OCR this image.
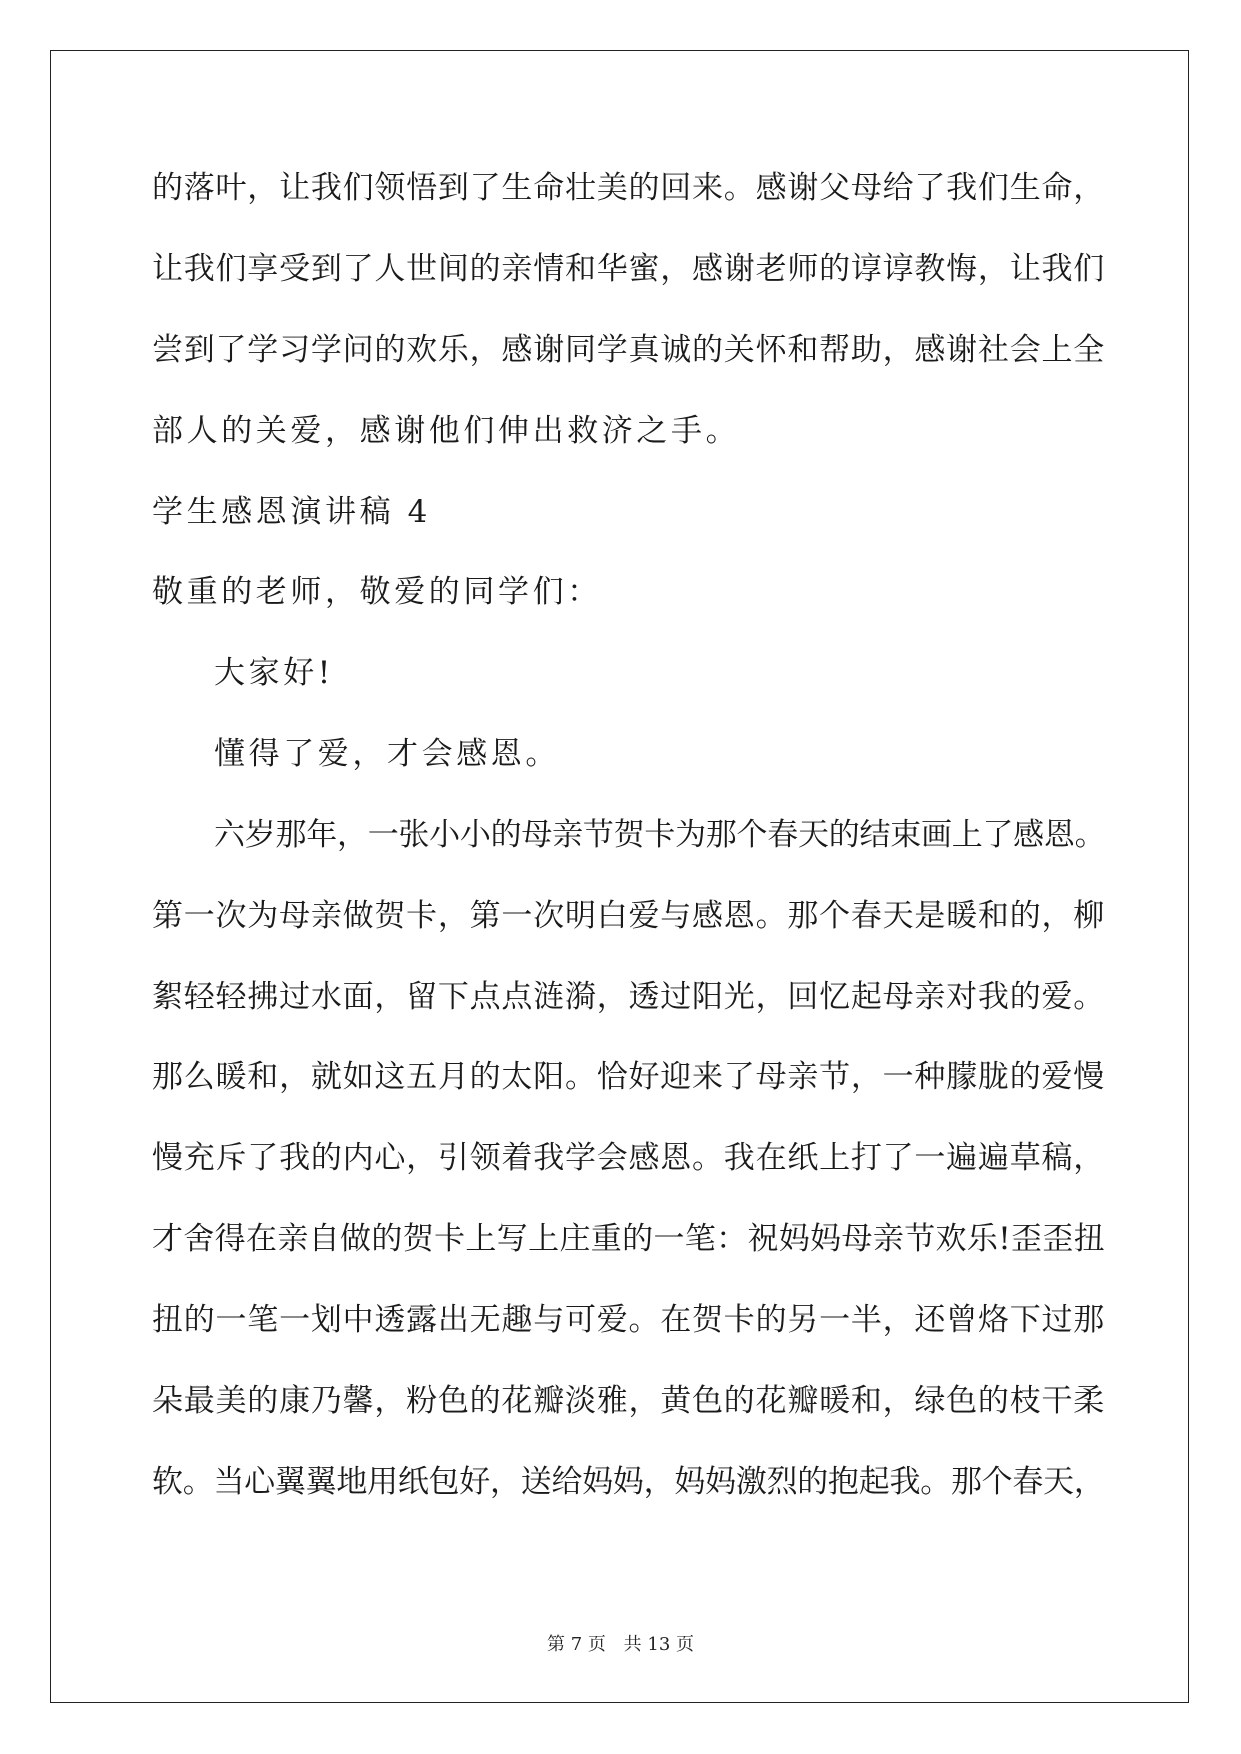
的落叶，让我们领悟到了生命壮美的回来。感谢父母给了我们生命，
让我们享受到了人世间的亲情和华蜜，感谢老师的谆谆教悔，让我们
尝到了学习学问的欢乐，感谢同学真诚的关怀和帮助，感谢社会上全
部人的关爱，感谢他们伸出救济之手。
学生感恩演讲稿 4
敬重的老师，敬爱的同学们：
大家好!
懂得了爱，才会感恩。
六岁那年，一张小小的母亲节贺卡为那个春天的结束画上了感恩。
第一次为母亲做贺卡，第一次明白爱与感恩。那个春天是暖和的，柳
絮轻轻拂过水面，留下点点涟漪，透过阳光，回忆起母亲对我的爱。
那么暖和，就如这五月的太阳。恰好迎来了母亲节，一种朦胧的爱慢
慢充斥了我的内心，引领着我学会感恩。我在纸上打了一遍遍草稿，
才舍得在亲自做的贺卡上写上庄重的一笔：祝妈妈母亲节欢乐!歪歪扭
扭的一笔一划中透露出无趣与可爱。在贺卡的另一半，还曾烙下过那
朵最美的康乃馨，粉色的花瓣淡雅，黄色的花瓣暖和，绿色的枝干柔
软。当心翼翼地用纸包好，送给妈妈，妈妈激烈的抱起我。那个春天，
第 7 页 共 13 页
